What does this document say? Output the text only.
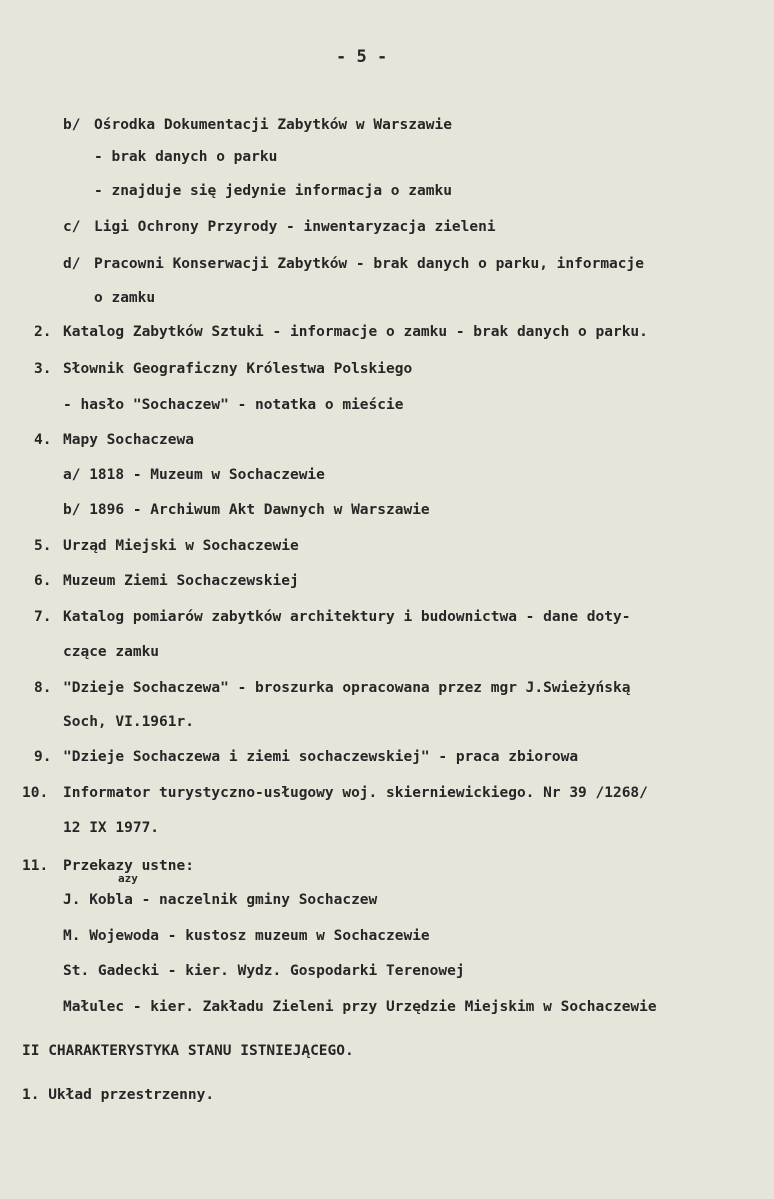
- 5 -
b/ Ośrodka Dokumentacji Zabytków w Warszawie
- brak danych o parku
- znajduje się jedynie informacja o zamku
c/ Ligi Ochrony Przyrody - inwentaryzacja zieleni
d/ Pracowni Konserwacji Zabytków - brak danych o parku, informacje
o zamku
2. Katalog Zabytków Sztuki - informacje o zamku - brak danych o parku.
3. Słownik Geograficzny Królestwa Polskiego
- hasło "Sochaczew" - notatka o mieście
4. Mapy Sochaczewa
a/ 1818 - Muzeum w Sochaczewie
b/ 1896 - Archiwum Akt Dawnych w Warszawie
5. Urząd Miejski w Sochaczewie
6. Muzeum Ziemi Sochaczewskiej
7. Katalog pomiarów zabytków architektury i budownictwa - dane doty-
czące zamku
8. "Dzieje Sochaczewa" - broszurka opracowana przez mgr J.Swieżyńską
Soch, VI.1961r.
9. "Dzieje Sochaczewa i ziemi sochaczewskiej" - praca zbiorowa
10. Informator turystyczno-usługowy woj. skierniewickiego. Nr 39 /1268/
12 IX 1977.
11. Przekazy ustne:
azy
J. Kobla - naczelnik gminy Sochaczew
M. Wojewoda - kustosz muzeum w Sochaczewie
St. Gadecki - kier. Wydz. Gospodarki Terenowej
Małulec - kier. Zakładu Zieleni przy Urzędzie Miejskim w Sochaczewie
II CHARAKTERYSTYKA STANU ISTNIEJĄCEGO.
1. Układ przestrzenny.
